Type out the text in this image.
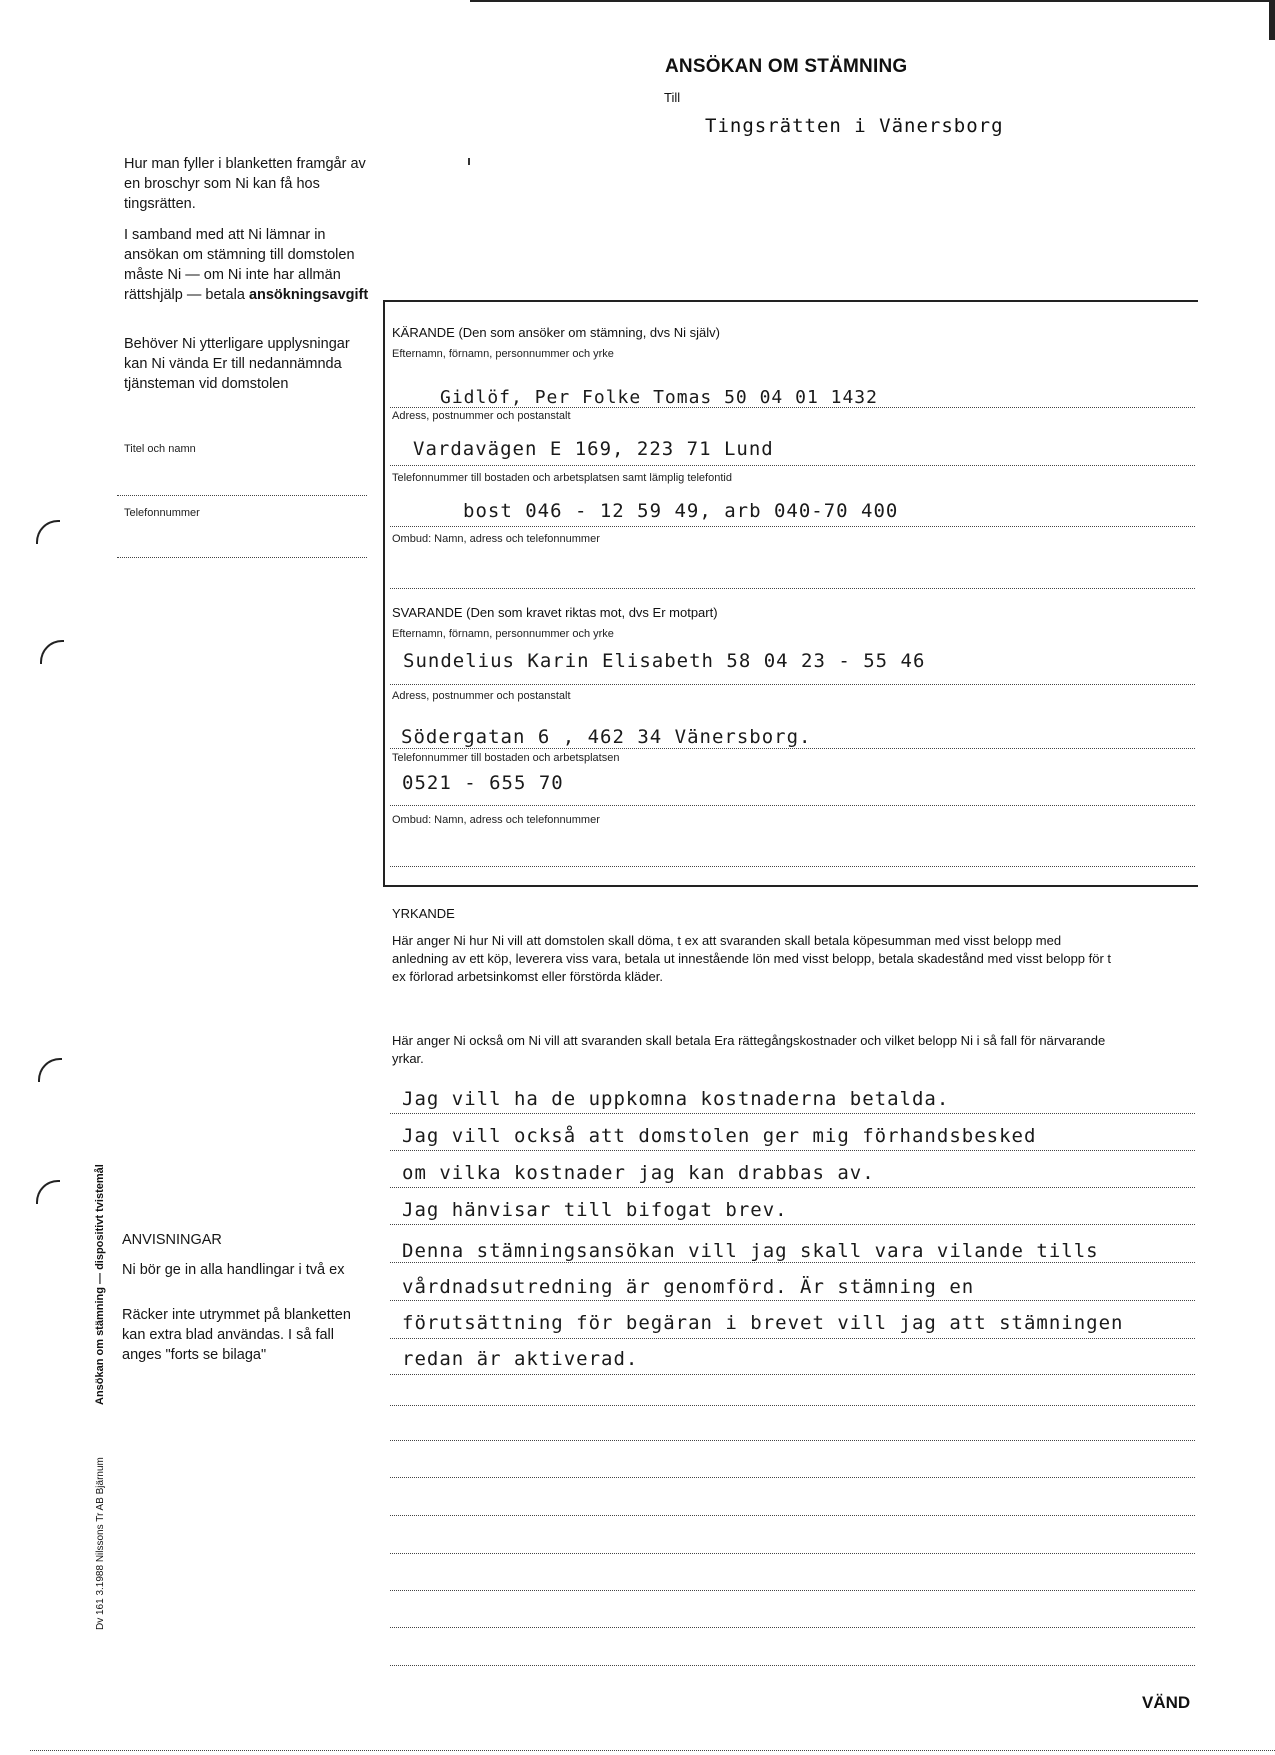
ANSÖKAN OM STÄMNING
Till
Tingsrätten i Vänersborg
Hur man fyller i blanketten framgår av en broschyr som Ni kan få hos tingsrätten.
I samband med att Ni lämnar in ansökan om stämning till domstolen måste Ni — om Ni inte har allmän rättshjälp — betala ansökningsavgift
Behöver Ni ytterligare upplysningar kan Ni vända Er till nedannämnda tjänsteman vid domstolen
Titel och namn
Telefonnummer
Ansökan om stämning — dispositivt tvistemål
Dv 161 3.1988 Nilssons Tr AB Bjärnum
ANVISNINGAR
Ni bör ge in alla handlingar i två ex
Räcker inte utrymmet på blanketten kan extra blad användas. I så fall anges "forts se bilaga"
KÄRANDE (Den som ansöker om stämning, dvs Ni själv)
Efternamn, förnamn, personnummer och yrke
Gidlöf, Per Folke Tomas 50 04 01 1432
Adress, postnummer och postanstalt
Vardavägen E 169, 223 71 Lund
Telefonnummer till bostaden och arbetsplatsen samt lämplig telefontid
bost 046 - 12 59 49, arb 040-70 400
Ombud: Namn, adress och telefonnummer
SVARANDE (Den som kravet riktas mot, dvs Er motpart)
Efternamn, förnamn, personnummer och yrke
Sundelius Karin Elisabeth 58 04 23 - 55 46
Adress, postnummer och postanstalt
Södergatan 6 , 462 34 Vänersborg.
Telefonnummer till bostaden och arbetsplatsen
0521 - 655 70
Ombud: Namn, adress och telefonnummer
YRKANDE
Här anger Ni hur Ni vill att domstolen skall döma, t ex att svaranden skall betala köpesumman med visst belopp med anledning av ett köp, leverera viss vara, betala ut innestående lön med visst belopp, betala skadestånd med visst belopp för t ex förlorad arbetsinkomst eller förstörda kläder.
Här anger Ni också om Ni vill att svaranden skall betala Era rättegångskostnader och vilket belopp Ni i så fall för närvarande yrkar.
Jag vill ha de uppkomna kostnaderna betalda.
Jag vill också att domstolen ger mig förhandsbesked
om vilka kostnader jag kan drabbas av.
Jag hänvisar till bifogat brev.
Denna stämningsansökan vill jag skall vara vilande tills
vårdnadsutredning är genomförd. Är stämning en
förutsättning för begäran i brevet vill jag att stämningen
redan är aktiverad.
VÄND
